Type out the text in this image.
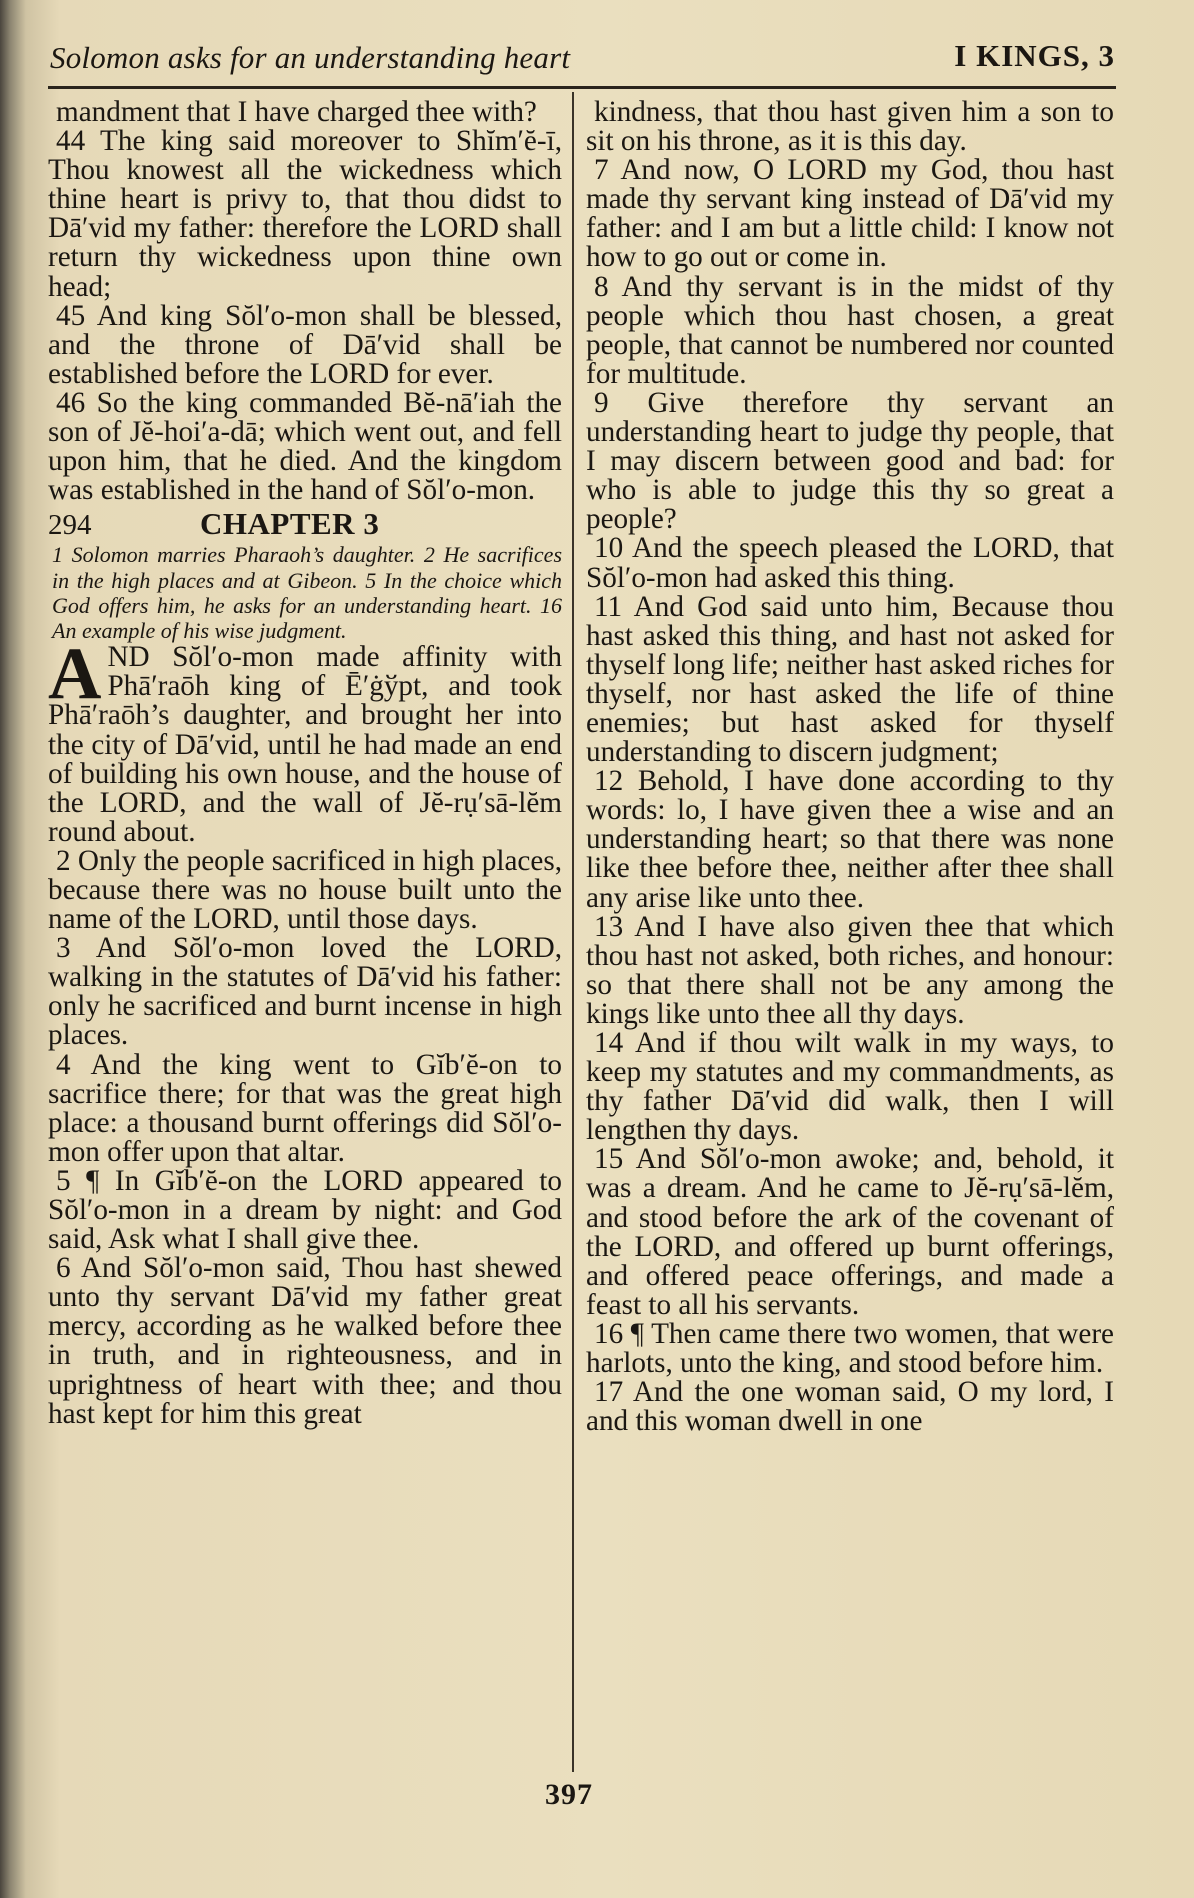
Solomon asks for an understanding heart	I KINGS, 3

mandment that I have charged thee with?

44 The king said moreover to Shĭm′ĕ-ī, Thou knowest all the wickedness which thine heart is privy to, that thou didst to Dā′vid my father: therefore the LORD shall return thy wickedness upon thine own head;

45 And king Sŏl′o-mon shall be blessed, and the throne of Dā′vid shall be established before the LORD for ever.

46 So the king commanded Bĕ-nā′iah the son of Jĕ-hoi′a-dā; which went out, and fell upon him, that he died. And the kingdom was established in the hand of Sŏl′o-mon.

294	CHAPTER 3

1 Solomon marries Pharaoh’s daughter. 2 He sacrifices in the high places and at Gibeon. 5 In the choice which God offers him, he asks for an understanding heart. 16 An example of his wise judgment.

AND Sŏl′o-mon made affinity with Phā′raōh king of Ē′ġўpt, and took Phā′raōh’s daughter, and brought her into the city of Dā′vid, until he had made an end of building his own house, and the house of the LORD, and the wall of Jĕ-rụ′sā-lĕm round about.

2 Only the people sacrificed in high places, because there was no house built unto the name of the LORD, until those days.

3 And Sŏl′o-mon loved the LORD, walking in the statutes of Dā′vid his father: only he sacrificed and burnt incense in high places.

4 And the king went to Gĭb′ĕ-on to sacrifice there; for that was the great high place: a thousand burnt offerings did Sŏl′o-mon offer upon that altar.

5 ¶ In Gĭb′ĕ-on the LORD appeared to Sŏl′o-mon in a dream by night: and God said, Ask what I shall give thee.

6 And Sŏl′o-mon said, Thou hast shewed unto thy servant Dā′vid my father great mercy, according as he walked before thee in truth, and in righteousness, and in uprightness of heart with thee; and thou hast kept for him this great

kindness, that thou hast given him a son to sit on his throne, as it is this day.

7 And now, O LORD my God, thou hast made thy servant king instead of Dā′vid my father: and I am but a little child: I know not how to go out or come in.

8 And thy servant is in the midst of thy people which thou hast chosen, a great people, that cannot be numbered nor counted for multitude.

9 Give therefore thy servant an understanding heart to judge thy people, that I may discern between good and bad: for who is able to judge this thy so great a people?

10 And the speech pleased the LORD, that Sŏl′o-mon had asked this thing.

11 And God said unto him, Because thou hast asked this thing, and hast not asked for thyself long life; neither hast asked riches for thyself, nor hast asked the life of thine enemies; but hast asked for thyself understanding to discern judgment;

12 Behold, I have done according to thy words: lo, I have given thee a wise and an understanding heart; so that there was none like thee before thee, neither after thee shall any arise like unto thee.

13 And I have also given thee that which thou hast not asked, both riches, and honour: so that there shall not be any among the kings like unto thee all thy days.

14 And if thou wilt walk in my ways, to keep my statutes and my commandments, as thy father Dā′vid did walk, then I will lengthen thy days.

15 And Sŏl′o-mon awoke; and, behold, it was a dream. And he came to Jĕ-rụ′sā-lĕm, and stood before the ark of the covenant of the LORD, and offered up burnt offerings, and offered peace offerings, and made a feast to all his servants.

16 ¶ Then came there two women, that were harlots, unto the king, and stood before him.

17 And the one woman said, O my lord, I and this woman dwell in one

397
